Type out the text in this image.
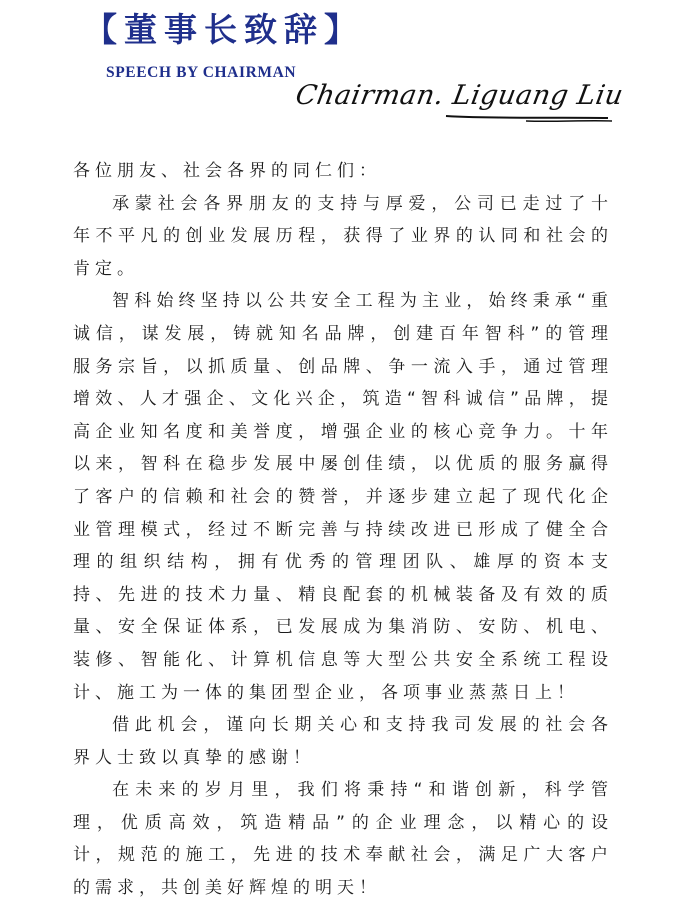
【董事长致辞】
SPEECH BY CHAIRMAN
Chairman. Liguang Liu

各位朋友、社会各界的同仁们：

承蒙社会各界朋友的支持与厚爱，公司已走过了十年不平凡的创业发展历程，获得了业界的认同和社会的肯定。

智科始终坚持以公共安全工程为主业，始终秉承“重诚信，谋发展，铸就知名品牌，创建百年智科”的管理服务宗旨，以抓质量、创品牌、争一流入手，通过管理增效、人才强企、文化兴企，筑造“智科诚信”品牌，提高企业知名度和美誉度，增强企业的核心竞争力。十年以来，智科在稳步发展中屡创佳绩，以优质的服务赢得了客户的信赖和社会的赞誉，并逐步建立起了现代化企业管理模式，经过不断完善与持续改进已形成了健全合理的组织结构，拥有优秀的管理团队、雄厚的资本支持、先进的技术力量、精良配套的机械装备及有效的质量、安全保证体系，已发展成为集消防、安防、机电、装修、智能化、计算机信息等大型公共安全系统工程设计、施工为一体的集团型企业，各项事业蒸蒸日上！

借此机会，谨向长期关心和支持我司发展的社会各界人士致以真挚的感谢！

在未来的岁月里，我们将秉持“和谐创新，科学管理，优质高效，筑造精品”的企业理念，以精心的设计，规范的施工，先进的技术奉献社会，满足广大客户的需求，共创美好辉煌的明天！
